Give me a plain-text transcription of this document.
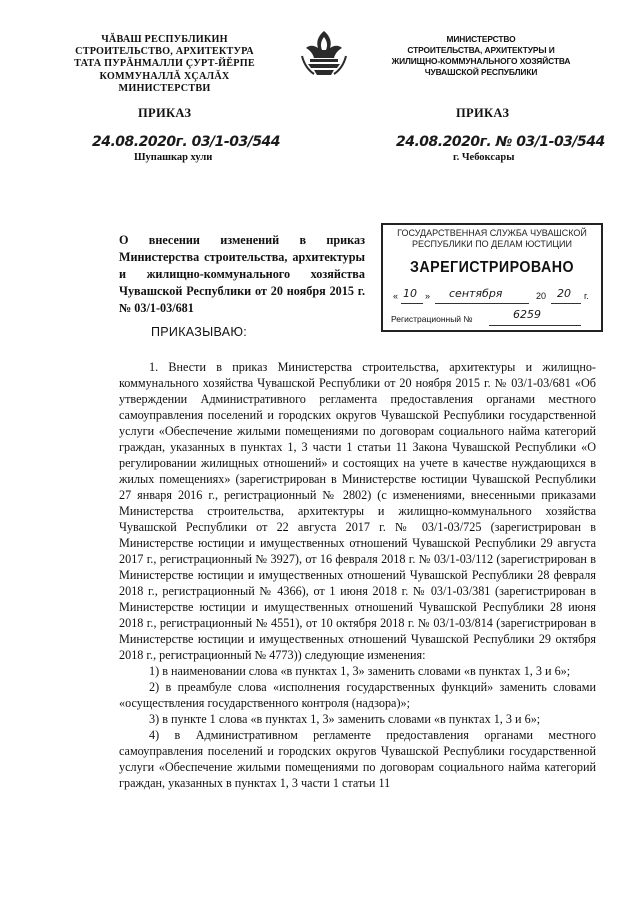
ЧĂВАШ РЕСПУБЛИКИН
СТРОИТЕЛЬСТВО, АРХИТЕКТУРА
ТАТА ПУРĂНМАЛЛИ ÇУРТ-ЙĔРПЕ
КОММУНАЛЛĂ ХÇАЛĂХ
МИНИСТЕРСТВИ
МИНИСТЕРСТВО
СТРОИТЕЛЬСТВА, АРХИТЕКТУРЫ И
ЖИЛИЩНО-КОММУНАЛЬНОГО ХОЗЯЙСТВА
ЧУВАШСКОЙ РЕСПУБЛИКИ
ПРИКАЗ	ПРИКАЗ
24.08.2020г. 03/1-03/544	24.08.2020г. № 03/1-03/544
Шупашкар хули	г. Чебоксары
О внесении изменений в приказ Министерства строительства, архитектуры и жилищно-коммунального хозяйства Чувашской Республики от 20 ноября 2015 г. № 03/1-03/681
ГОСУДАРСТВЕННАЯ СЛУЖБА ЧУВАШСКОЙ
РЕСПУБЛИКИ ПО ДЕЛАМ ЮСТИЦИИ
ЗАРЕГИСТРИРОВАНО
« 10 » сентября	20 20 г.
Регистрационный №	6259
ПРИКАЗЫВАЮ:

1. Внести в приказ Министерства строительства, архитектуры и жилищно-коммунального хозяйства Чувашской Республики от 20 ноября 2015 г. № 03/1-03/681 «Об утверждении Административного регламента предоставления органами местного самоуправления поселений и городских округов Чувашской Республики государственной услуги «Обеспечение жилыми помещениями по договорам социального найма категорий граждан, указанных в пунктах 1, 3 части 1 статьи 11 Закона Чувашской Республики «О регулировании жилищных отношений» и состоящих на учете в качестве нуждающихся в жилых помещениях» (зарегистрирован в Министерстве юстиции Чувашской Республики 27 января 2016 г., регистрационный № 2802) (с изменениями, внесенными приказами Министерства строительства, архитектуры и жилищно-коммунального хозяйства Чувашской Республики от 22 августа 2017 г. № 03/1-03/725 (зарегистрирован в Министерстве юстиции и имущественных отношений Чувашской Республики 29 августа 2017 г., регистрационный № 3927), от 16 февраля 2018 г. № 03/1-03/112 (зарегистрирован в Министерстве юстиции и имущественных отношений Чувашской Республики 28 февраля 2018 г., регистрационный № 4366), от 1 июня 2018 г. № 03/1-03/381 (зарегистрирован в Министерстве юстиции и имущественных отношений Чувашской Республики 28 июня 2018 г., регистрационный № 4551), от 10 октября 2018 г. № 03/1-03/814 (зарегистрирован в Министерстве юстиции и имущественных отношений Чувашской Республики 29 октября 2018 г., регистрационный № 4773)) следующие изменения:

1) в наименовании слова «в пунктах 1, 3» заменить словами «в пунктах 1, 3 и 6»;

2) в преамбуле слова «исполнения государственных функций» заменить словами «осуществления государственного контроля (надзора)»;

3) в пункте 1 слова «в пунктах 1, 3» заменить словами «в пунктах 1, 3 и 6»;

4) в Административном регламенте предоставления органами местного самоуправления поселений и городских округов Чувашской Республики государственной услуги «Обеспечение жилыми помещениями по договорам социального найма категорий граждан, указанных в пунктах 1, 3 части 1 статьи 11
